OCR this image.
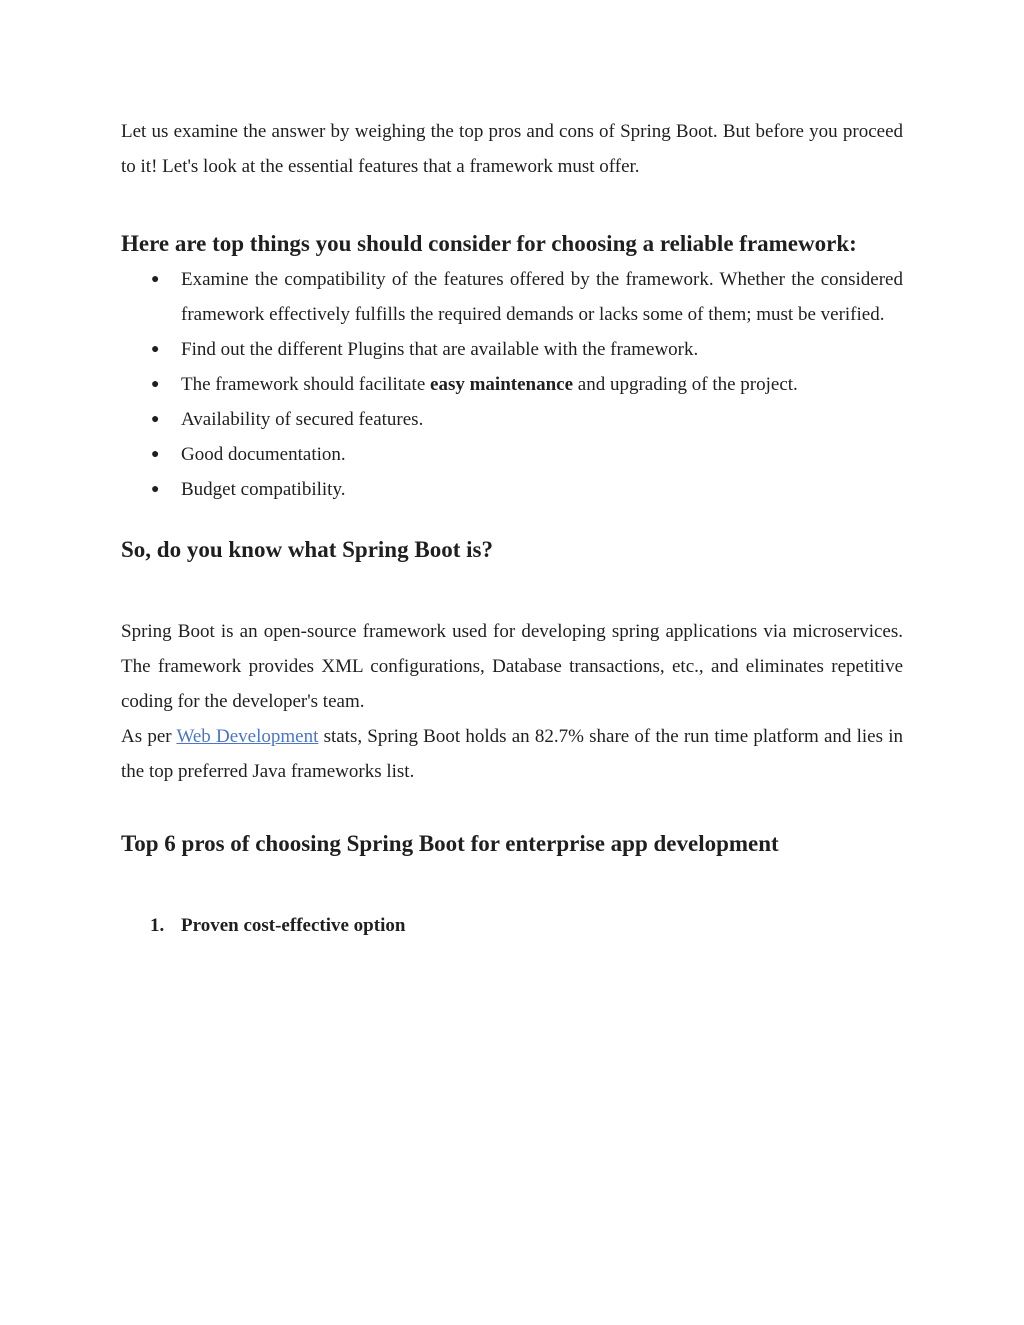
Let us examine the answer by weighing the top pros and cons of Spring Boot. But before you proceed to it! Let's look at the essential features that a framework must offer.

Here are top things you should consider for choosing a reliable framework:
● Examine the compatibility of the features offered by the framework. Whether the considered framework effectively fulfills the required demands or lacks some of them; must be verified.
● Find out the different Plugins that are available with the framework.
● The framework should facilitate easy maintenance and upgrading of the project.
● Availability of secured features.
● Good documentation.
● Budget compatibility.
So, do you know what Spring Boot is?

Spring Boot is an open-source framework used for developing spring applications via microservices. The framework provides XML configurations, Database transactions, etc., and eliminates repetitive coding for the developer's team.

As per Web Development stats, Spring Boot holds an 82.7% share of the run time platform and lies in the top preferred Java frameworks list.

Top 6 pros of choosing Spring Boot for enterprise app development
1. Proven cost-effective option
